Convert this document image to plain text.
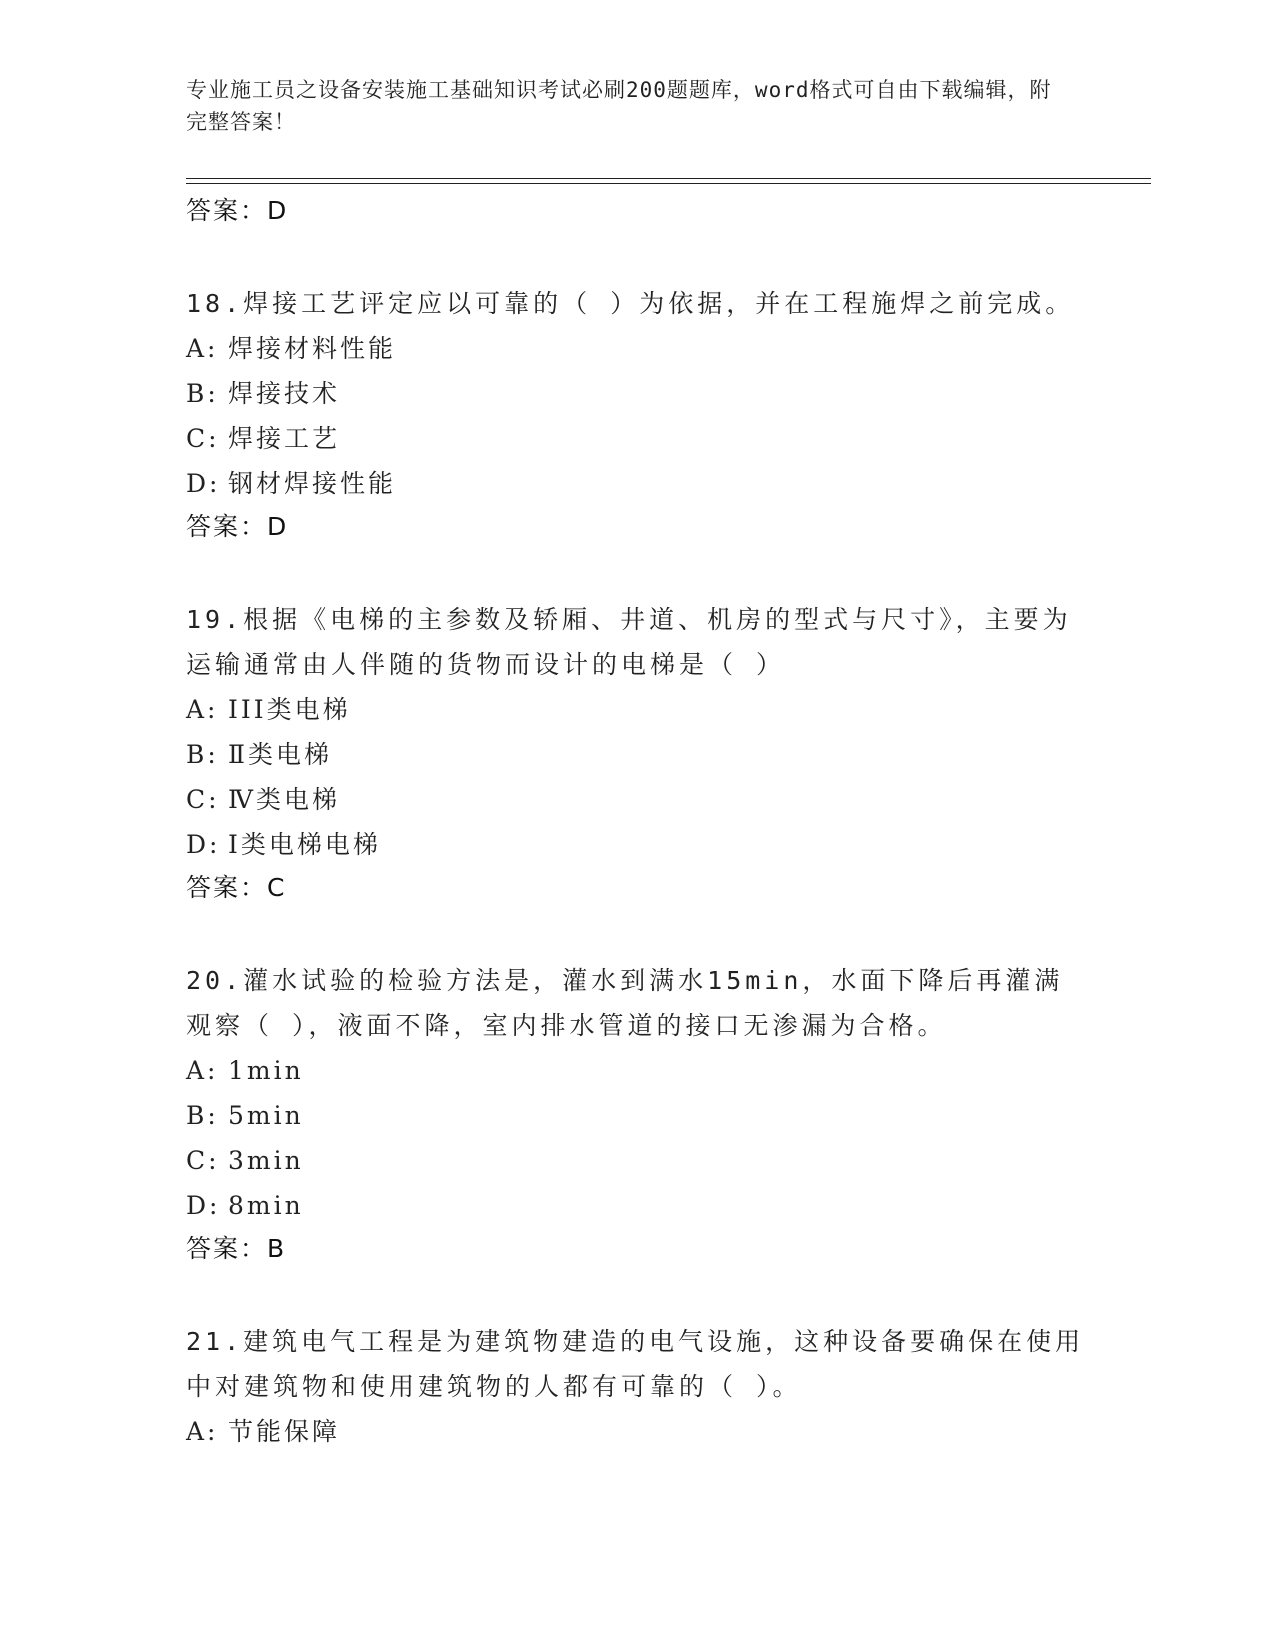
专业施工员之设备安装施工基础知识考试必刷200题题库，word格式可自由下载编辑，附完整答案！
答案：D
18.焊接工艺评定应以可靠的（ ）为依据，并在工程施焊之前完成。
A: 焊接材料性能
B: 焊接技术
C: 焊接工艺
D: 钢材焊接性能
答案：D
19.根据《电梯的主参数及轿厢、井道、机房的型式与尺寸》，主要为运输通常由人伴随的货物而设计的电梯是（ ）
A: III类电梯
B: Ⅱ类电梯
C: Ⅳ类电梯
D: Ⅰ类电梯电梯
答案：C
20.灌水试验的检验方法是，灌水到满水15min，水面下降后再灌满观察（ ），液面不降，室内排水管道的接口无渗漏为合格。
A: 1min
B: 5min
C: 3min
D: 8min
答案：B
21.建筑电气工程是为建筑物建造的电气设施，这种设备要确保在使用中对建筑物和使用建筑物的人都有可靠的（ ）。
A: 节能保障
